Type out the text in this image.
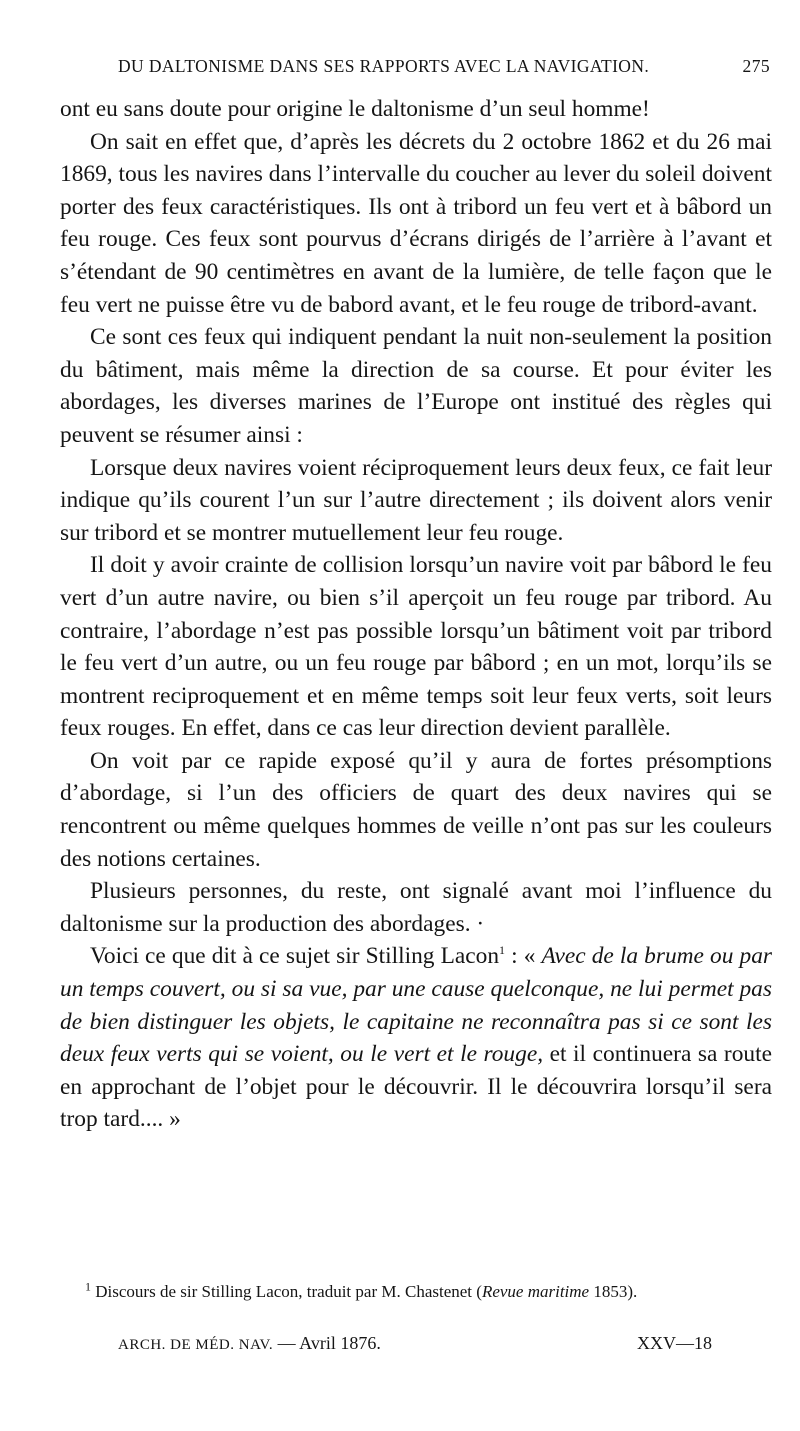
DU DALTONISME DANS SES RAPPORTS AVEC LA NAVIGATION.	275

ont eu sans doute pour origine le daltonisme d’un seul homme!

On sait en effet que, d’après les décrets du 2 octobre 1862 et du 26 mai 1869, tous les navires dans l’intervalle du coucher au lever du soleil doivent porter des feux caractéristiques. Ils ont à tribord un feu vert et à bâbord un feu rouge. Ces feux sont pourvus d’écrans dirigés de l’arrière à l’avant et s’étendant de 90 centimètres en avant de la lumière, de telle façon que le feu vert ne puisse être vu de babord avant, et le feu rouge de tribord-avant.

Ce sont ces feux qui indiquent pendant la nuit non-seulement la position du bâtiment, mais même la direction de sa course. Et pour éviter les abordages, les diverses marines de l’Europe ont institué des règles qui peuvent se résumer ainsi :

Lorsque deux navires voient réciproquement leurs deux feux, ce fait leur indique qu’ils courent l’un sur l’autre directement ; ils doivent alors venir sur tribord et se montrer mutuellement leur feu rouge.

Il doit y avoir crainte de collision lorsqu’un navire voit par bâbord le feu vert d’un autre navire, ou bien s’il aperçoit un feu rouge par tribord. Au contraire, l’abordage n’est pas possible lorsqu’un bâtiment voit par tribord le feu vert d’un autre, ou un feu rouge par bâbord ; en un mot, lorqu’ils se montrent reciproquement et en même temps soit leur feux verts, soit leurs feux rouges. En effet, dans ce cas leur direction devient parallèle.

On voit par ce rapide exposé qu’il y aura de fortes présomptions d’abordage, si l’un des officiers de quart des deux navires qui se rencontrent ou même quelques hommes de veille n’ont pas sur les couleurs des notions certaines.

Plusieurs personnes, du reste, ont signalé avant moi l’influence du daltonisme sur la production des abordages. ·

Voici ce que dit à ce sujet sir Stilling Lacon$^1$ : « Avec de la brume ou par un temps couvert, ou si sa vue, par une cause quelconque, ne lui permet pas de bien distinguer les objets, le capitaine ne reconnaîtra pas si ce sont les deux feux verts qui se voient, ou le vert et le rouge, et il continuera sa route en approchant de l’objet pour le découvrir. Il le découvrira lorsqu’il sera trop tard.... »

$^1$ Discours de sir Stilling Lacon, traduit par M. Chastenet (Revue maritime 1853).
ARCH. DE MÉD. NAV. — Avril 1876.	XXV—18
